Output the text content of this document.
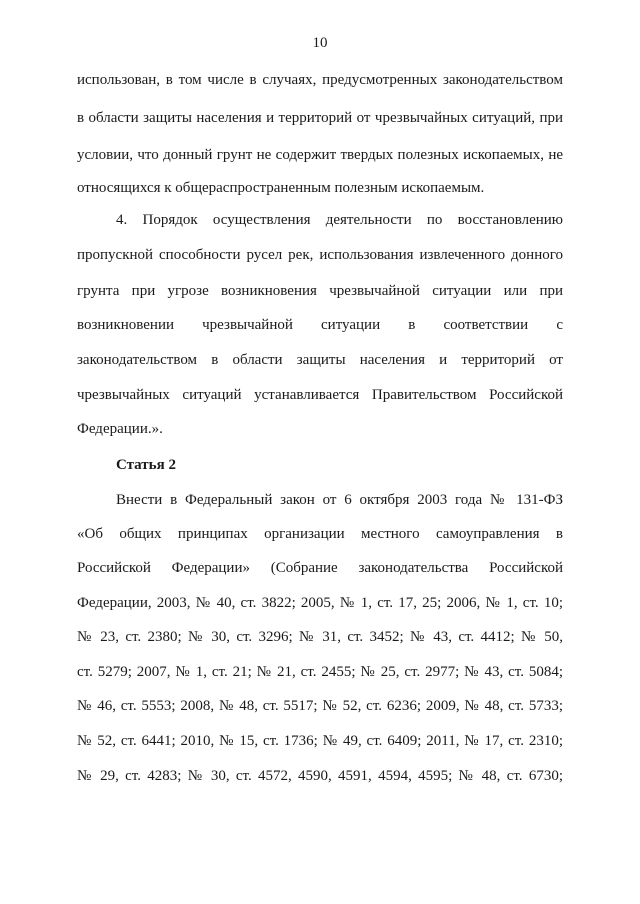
10
использован, в том числе в случаях, предусмотренных законодательством
в области защиты населения и территорий от чрезвычайных ситуаций, при
условии, что донный грунт не содержит твердых полезных ископаемых, не
относящихся к общераспространенным полезным ископаемым.
4. Порядок осуществления деятельности по восстановлению
пропускной способности русел рек, использования извлеченного донного
грунта при угрозе возникновения чрезвычайной ситуации или при
возникновении чрезвычайной ситуации в соответствии с
законодательством в области защиты населения и территорий от
чрезвычайных ситуаций устанавливается Правительством Российской
Федерации.».
Статья 2
Внести в Федеральный закон от 6 октября 2003 года № 131-ФЗ
«Об общих принципах организации местного самоуправления в
Российской Федерации» (Собрание законодательства Российской
Федерации, 2003, № 40, ст. 3822; 2005, № 1, ст. 17, 25; 2006, № 1, ст. 10;
№ 23, ст. 2380; № 30, ст. 3296; № 31, ст. 3452; № 43, ст. 4412; № 50,
ст. 5279; 2007, № 1, ст. 21; № 21, ст. 2455; № 25, ст. 2977; № 43, ст. 5084;
№ 46, ст. 5553; 2008, № 48, ст. 5517; № 52, ст. 6236; 2009, № 48, ст. 5733;
№ 52, ст. 6441; 2010, № 15, ст. 1736; № 49, ст. 6409; 2011, № 17, ст. 2310;
№ 29, ст. 4283; № 30, ст. 4572, 4590, 4591, 4594, 4595; № 48, ст. 6730;
